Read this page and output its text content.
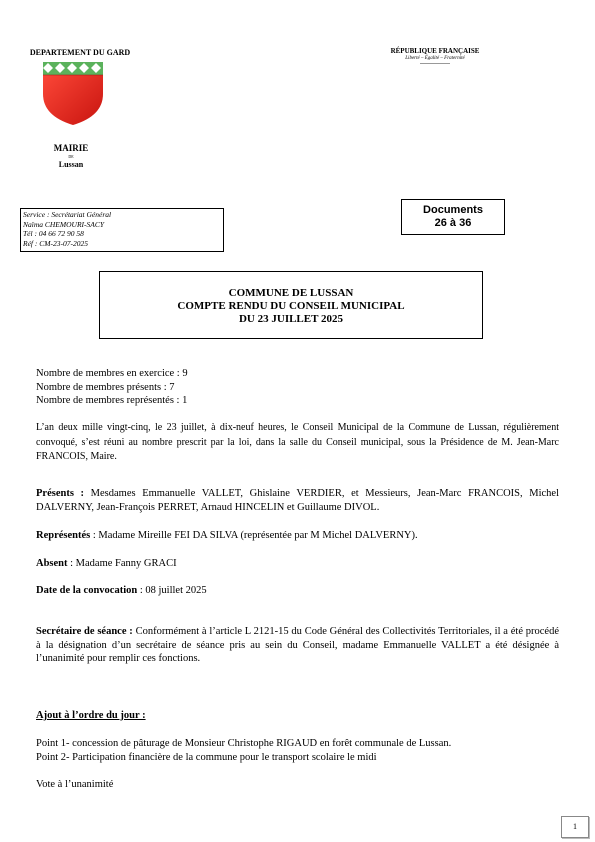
DEPARTEMENT DU GARD
MAIRIE
DE
Lussan
RÉPUBLIQUE FRANÇAISE
Liberté – Égalité – Fraternité
Service : Secrétariat Général
Naïma CHEMOURI-SACY
Tél : 04 66 72 90 58
Réf : CM-23-07-2025
Documents
26 à 36
COMMUNE DE LUSSAN
COMPTE RENDU DU CONSEIL MUNICIPAL
DU 23 JUILLET 2025
Nombre de membres en exercice : 9
Nombre de membres présents : 7
Nombre de membres représentés : 1
L’an deux mille vingt-cinq, le 23 juillet, à dix-neuf heures, le Conseil Municipal de la Commune de Lussan, régulièrement convoqué, s’est réuni au nombre prescrit par la loi, dans la salle du Conseil municipal, sous la Présidence de M. Jean-Marc FRANCOIS, Maire.
Présents : Mesdames Emmanuelle VALLET, Ghislaine VERDIER, et Messieurs, Jean-Marc FRANCOIS, Michel DALVERNY, Jean-François PERRET, Arnaud HINCELIN et Guillaume DIVOL.
Représentés : Madame Mireille FEI DA SILVA (représentée par M Michel DALVERNY).
Absent : Madame Fanny GRACI
Date de la convocation : 08 juillet 2025
Secrétaire de séance : Conformément à l’article L 2121-15 du Code Général des Collectivités Territoriales, il a été procédé à la désignation d’un secrétaire de séance pris au sein du Conseil, madame Emmanuelle VALLET a été désignée à l’unanimité pour remplir ces fonctions.
Ajout à l’ordre du jour :
Point 1- concession de pâturage de Monsieur Christophe RIGAUD en forêt communale de Lussan.
Point 2- Participation financière de la commune pour le transport scolaire le midi
Vote à l’unanimité
1
